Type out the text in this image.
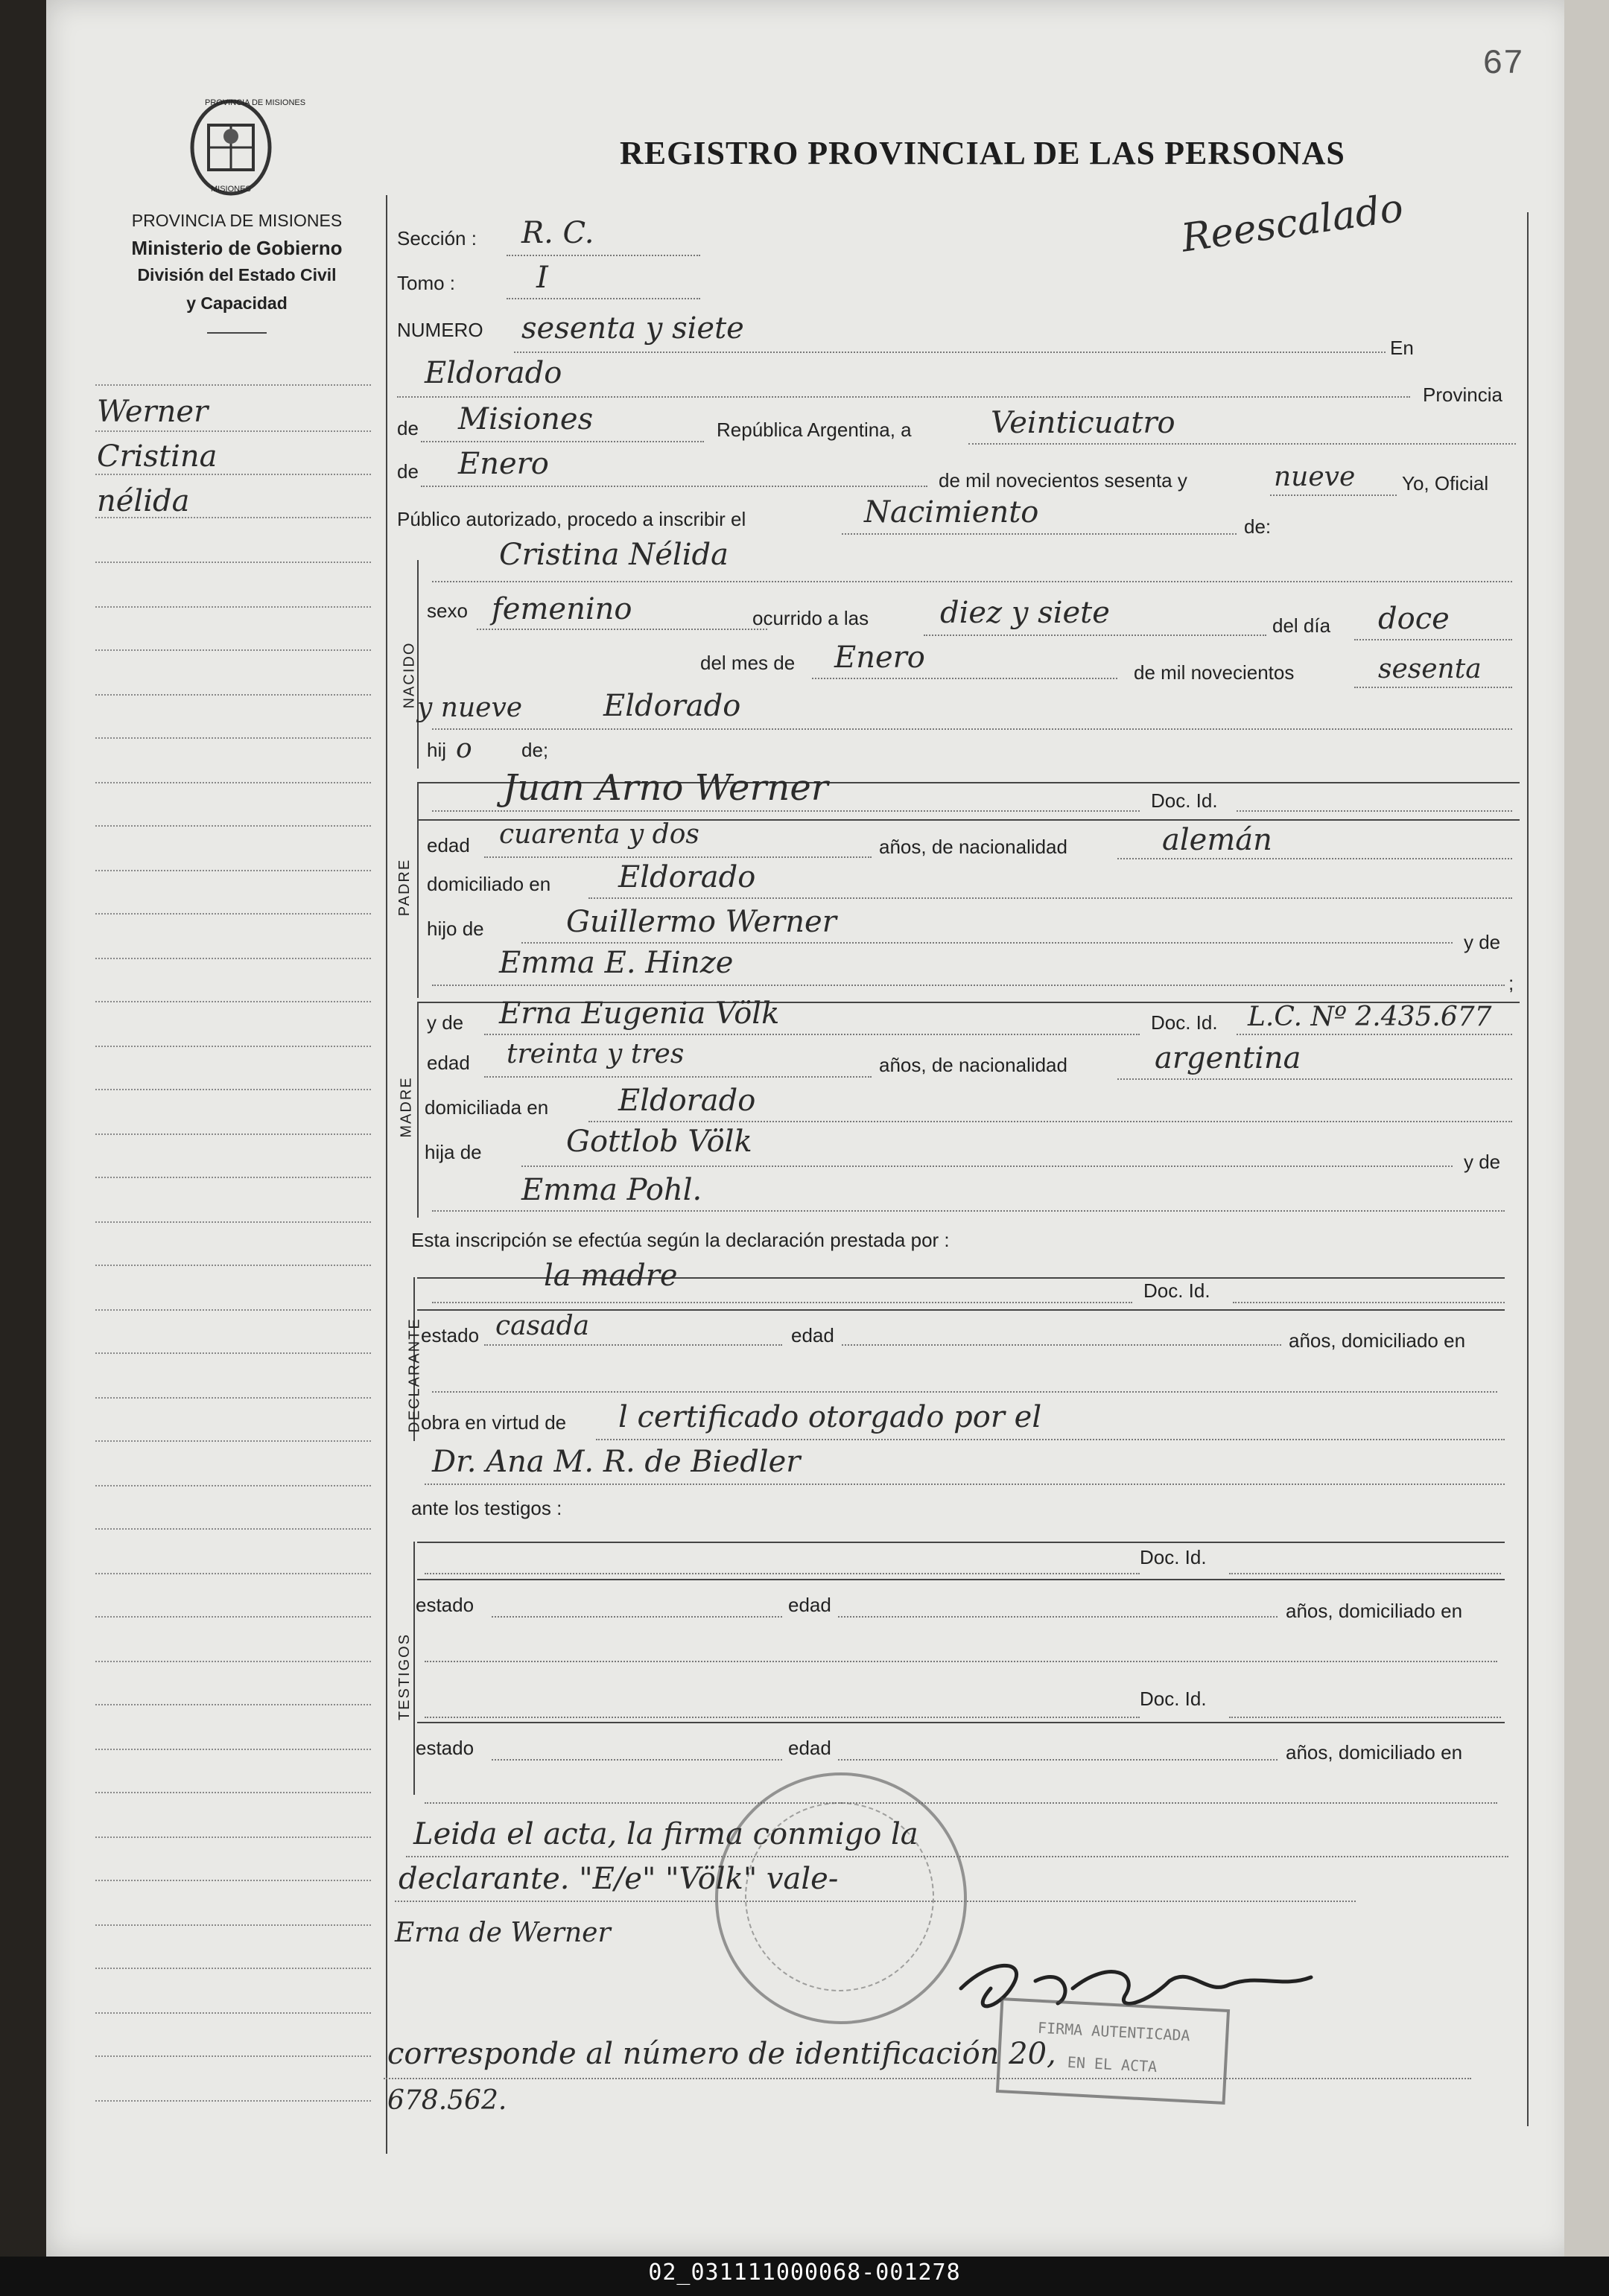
67
PROVINCIA DE MISIONES
MISIONES
PROVINCIA DE MISIONES
Ministerio de Gobierno
División del Estado Civil
y Capacidad
REGISTRO PROVINCIAL DE LAS PERSONAS
Reescalado
Werner
Cristina
nélida
Sección : R. C.
Tomo :	I
NUMERO sesenta y siete
En
Eldorado
Provincia
de Misiones	República Argentina, a	Veinticuatro
de Enero	de mil novecientos sesenta y	nueve Yo, Oficial
Público autorizado, procedo a inscribir el	Nacimiento	de:
NACIDO
Cristina Nélida
sexo femenino	ocurrido a las diez y siete	del día doce
del mes de Enero	de mil novecientos	sesenta
y nueve	Eldorado
hij o	de;
PADRE
Juan Arno Werner	Doc. Id.
edad cuarenta y dos	años, de nacionalidad	alemán
domiciliado en Eldorado
hijo de	Guillermo Werner
y de
Emma E. Hinze
;
MADRE
y de Erna Eugenia Völk	Doc. Id. L.C. Nº 2.435.677
edad treinta y tres	años, de nacionalidad	argentina
domiciliada en Eldorado
hija de	Gottlob Völk
y de
Emma Pohl.
Esta inscripción se efectúa según la declaración prestada por :
DECLARANTE
la madre	Doc. Id.
estado casada	edad	años, domiciliado en
obra en virtud de l certificado otorgado por el
Dr. Ana M. R. de Biedler
ante los testigos :
TESTIGOS
Doc. Id.
estado	edad	años, domiciliado en
Doc. Id.
estado	edad	años, domiciliado en
Leida el acta, la firma conmigo la
declarante. "E/e" "Völk" vale-
Erna de Werner
FIRMA AUTENTICADA
EN EL ACTA
corresponde al número de identificación 20,
678.562.
02_031111000068-001278
